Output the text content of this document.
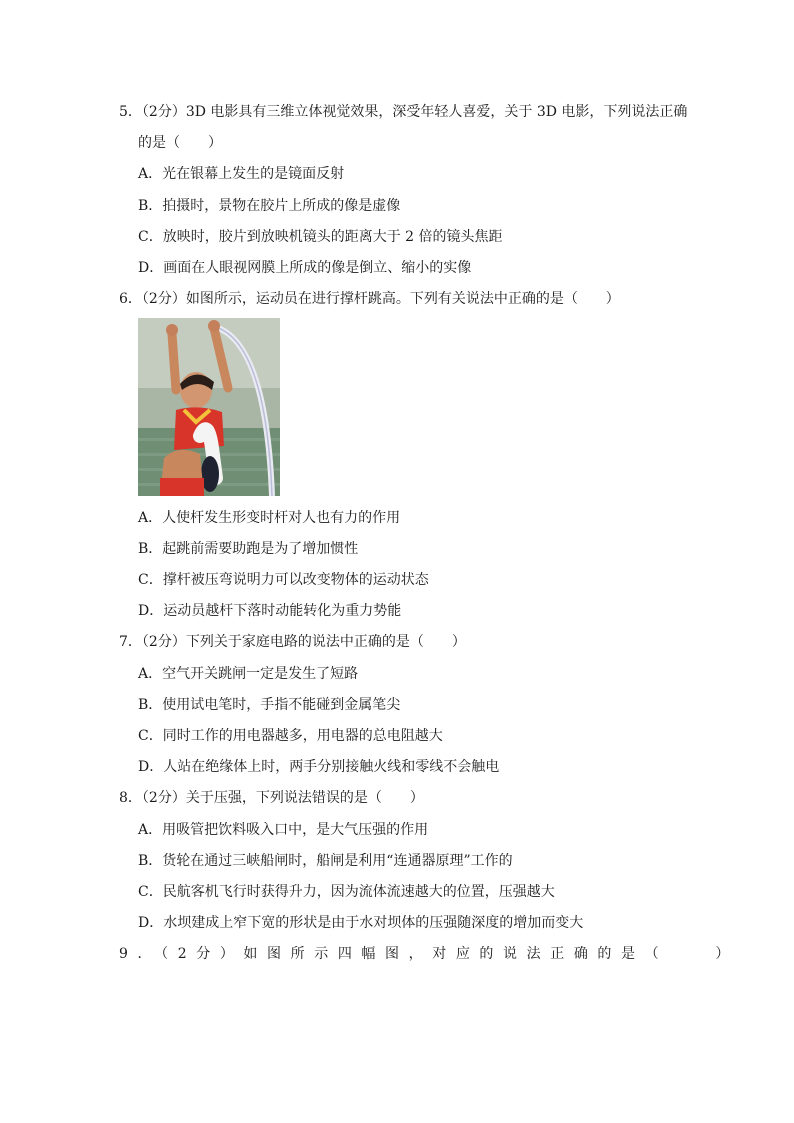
5．（2分）3D 电影具有三维立体视觉效果，深受年轻人喜爱，关于 3D 电影，下列说法正确
的是（　　）
A．光在银幕上发生的是镜面反射
B．拍摄时，景物在胶片上所成的像是虚像
C．放映时，胶片到放映机镜头的距离大于 2 倍的镜头焦距
D．画面在人眼视网膜上所成的像是倒立、缩小的实像
6．（2分）如图所示，运动员在进行撑杆跳高。下列有关说法中正确的是（　　）
A．人使杆发生形变时杆对人也有力的作用
B．起跳前需要助跑是为了增加惯性
C．撑杆被压弯说明力可以改变物体的运动状态
D．运动员越杆下落时动能转化为重力势能
7．（2分）下列关于家庭电路的说法中正确的是（　　）
A．空气开关跳闸一定是发生了短路
B．使用试电笔时，手指不能碰到金属笔尖
C．同时工作的用电器越多，用电器的总电阻越大
D．人站在绝缘体上时，两手分别接触火线和零线不会触电
8．（2分）关于压强，下列说法错误的是（　　）
A．用吸管把饮料吸入口中，是大气压强的作用
B．货轮在通过三峡船闸时，船闸是利用“连通器原理”工作的
C．民航客机飞行时获得升力，因为流体流速越大的位置，压强越大
D．水坝建成上窄下宽的形状是由于水对坝体的压强随深度的增加而变大
9．（2分）如图所示四幅图，对应的说法正确的是（　　）
